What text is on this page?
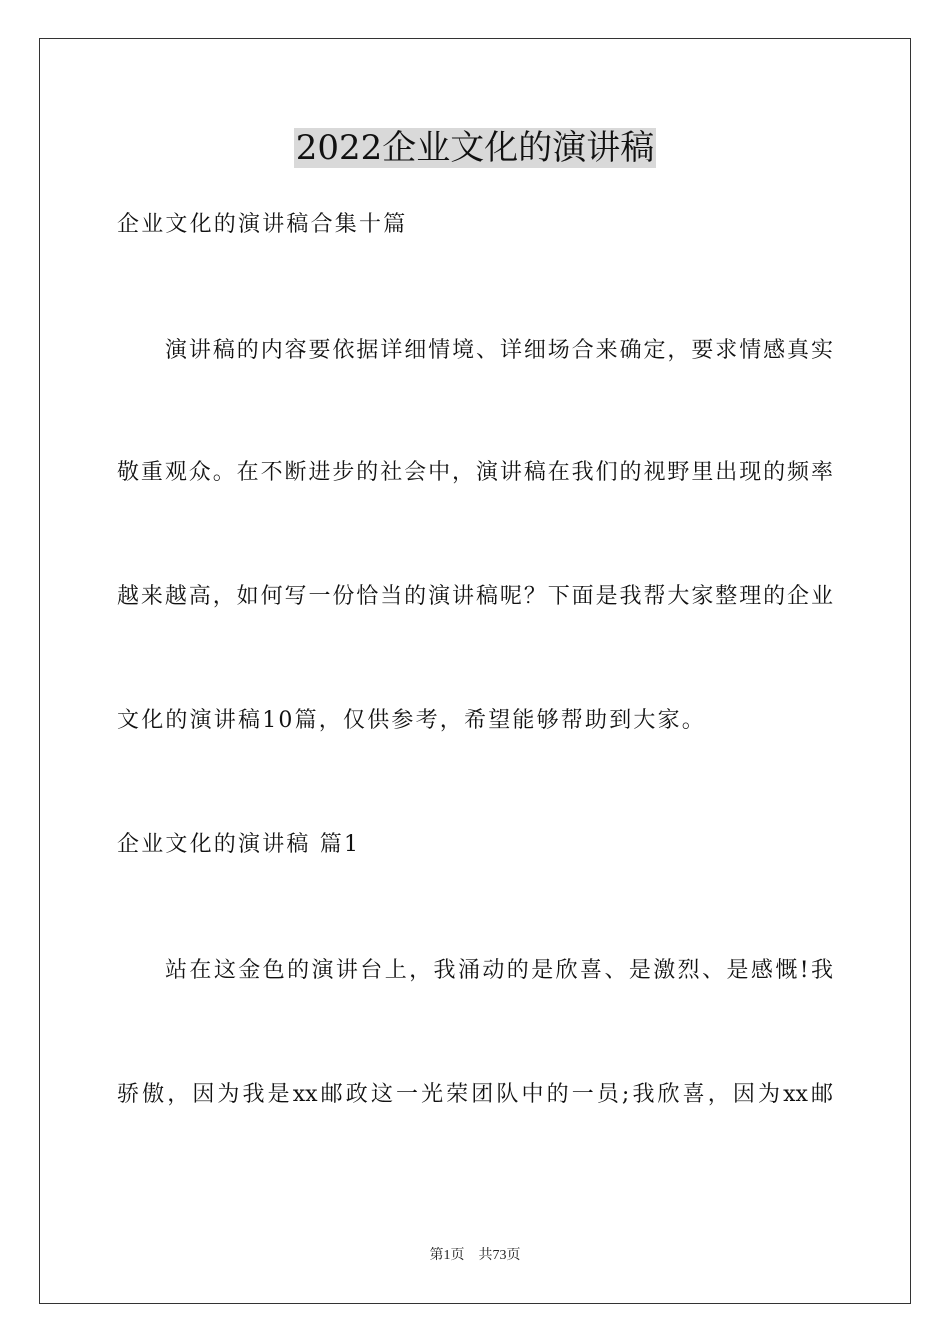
2022企业文化的演讲稿
企业文化的演讲稿合集十篇
演讲稿的内容要依据详细情境、详细场合来确定，要求情感真实
敬重观众。在不断进步的社会中，演讲稿在我们的视野里出现的频率
越来越高，如何写一份恰当的演讲稿呢？下面是我帮大家整理的企业
文化的演讲稿10篇，仅供参考，希望能够帮助到大家。
企业文化的演讲稿 篇1
站在这金色的演讲台上，我涌动的是欣喜、是激烈、是感慨!我
骄傲，因为我是xx邮政这一光荣团队中的一员;我欣喜，因为xx邮
第1页　共73页
